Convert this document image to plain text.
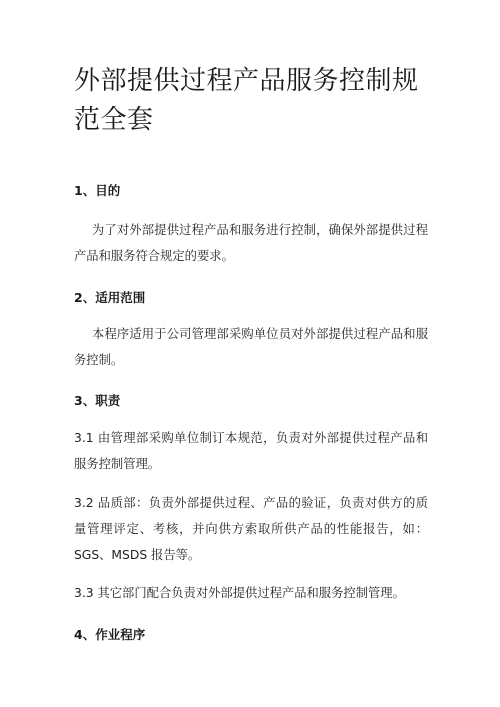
外部提供过程产品服务控制规范全套
1、目的

为了对外部提供过程产品和服务进行控制，确保外部提供过程产品和服务符合规定的要求。

2、适用范围

本程序适用于公司管理部采购单位员对外部提供过程产品和服务控制。

3、职责

3.1 由管理部采购单位制订本规范，负责对外部提供过程产品和服务控制管理。

3.2 品质部：负责外部提供过程、产品的验证，负责对供方的质量管理评定、考核，并向供方索取所供产品的性能报告，如：SGS、MSDS 报告等。

3.3 其它部门配合负责对外部提供过程产品和服务控制管理。

4、作业程序
